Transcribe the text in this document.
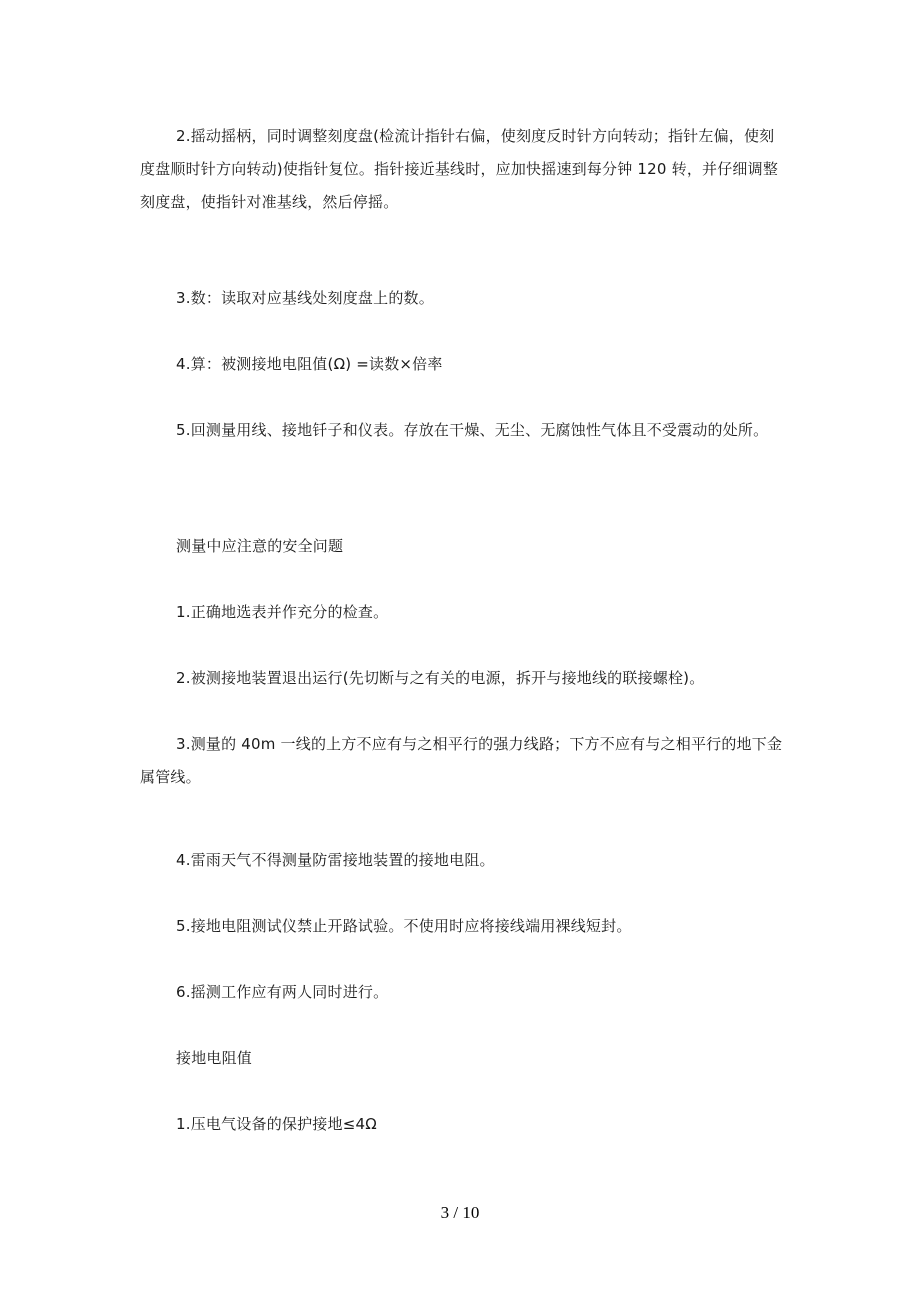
2.摇动摇柄，同时调整刻度盘(检流计指针右偏，使刻度反时针方向转动；指针左偏，使刻度盘顺时针方向转动)使指针复位。指针接近基线时，应加快摇速到每分钟 120 转，并仔细调整刻度盘，使指针对准基线，然后停摇。

3.数：读取对应基线处刻度盘上的数。

4.算：被测接地电阻值(Ω) =读数×倍率

5.回测量用线、接地钎子和仪表。存放在干燥、无尘、无腐蚀性气体且不受震动的处所。

测量中应注意的安全问题

1.正确地选表并作充分的检查。

2.被测接地装置退出运行(先切断与之有关的电源，拆开与接地线的联接螺栓)。

3.测量的 40m 一线的上方不应有与之相平行的强力线路；下方不应有与之相平行的地下金属管线。

4.雷雨天气不得测量防雷接地装置的接地电阻。

5.接地电阻测试仪禁止开路试验。不使用时应将接线端用裸线短封。

6.摇测工作应有两人同时进行。

接地电阻值

1.压电气设备的保护接地≤4Ω

3 / 10
